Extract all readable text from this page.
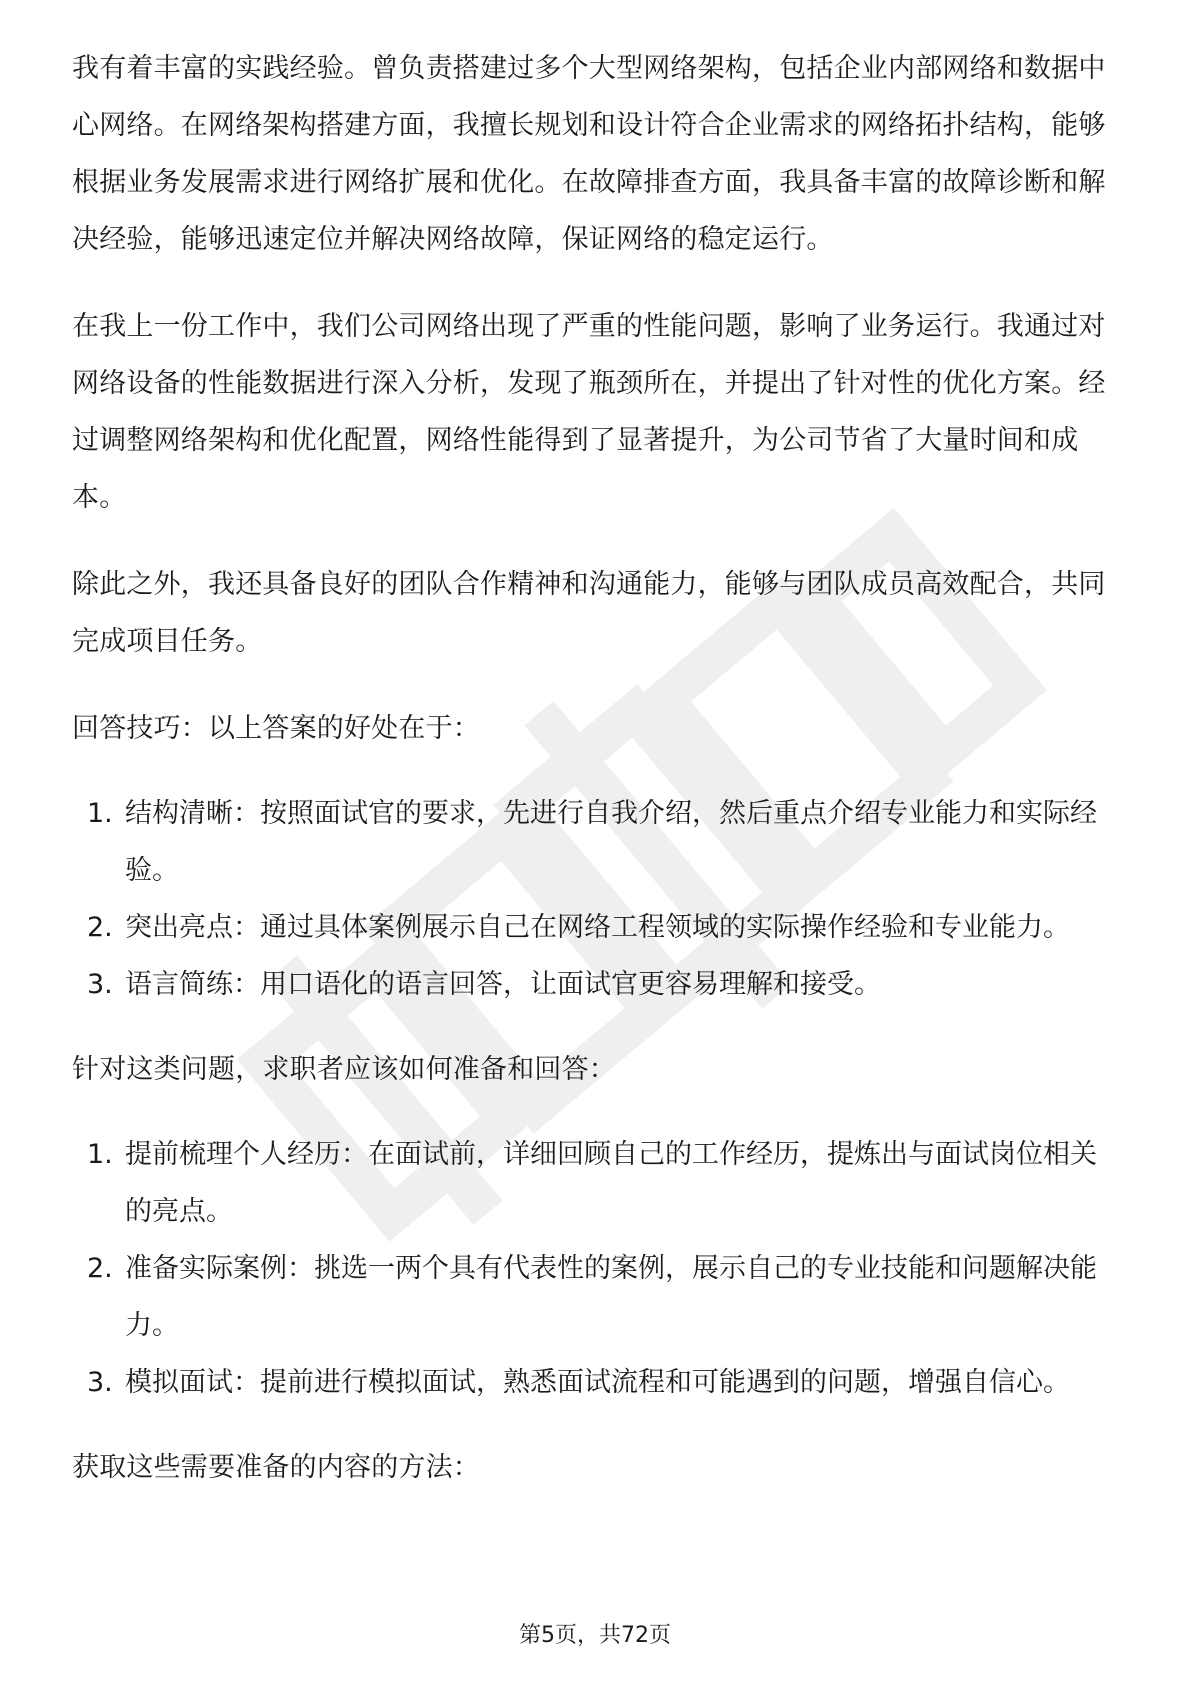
我有着丰富的实践经验。曾负责搭建过多个大型网络架构，包括企业内部网络和数据中心网络。在网络架构搭建方面，我擅长规划和设计符合企业需求的网络拓扑结构，能够根据业务发展需求进行网络扩展和优化。在故障排查方面，我具备丰富的故障诊断和解决经验，能够迅速定位并解决网络故障，保证网络的稳定运行。

在我上一份工作中，我们公司网络出现了严重的性能问题，影响了业务运行。我通过对网络设备的性能数据进行深入分析，发现了瓶颈所在，并提出了针对性的优化方案。经过调整网络架构和优化配置，网络性能得到了显著提升，为公司节省了大量时间和成本。

除此之外，我还具备良好的团队合作精神和沟通能力，能够与团队成员高效配合，共同完成项目任务。

回答技巧：以上答案的好处在于：

1. 结构清晰：按照面试官的要求，先进行自我介绍，然后重点介绍专业能力和实际经验。
2. 突出亮点：通过具体案例展示自己在网络工程领域的实际操作经验和专业能力。
3. 语言简练：用口语化的语言回答，让面试官更容易理解和接受。

针对这类问题，求职者应该如何准备和回答：

1. 提前梳理个人经历：在面试前，详细回顾自己的工作经历，提炼出与面试岗位相关的亮点。
2. 准备实际案例：挑选一两个具有代表性的案例，展示自己的专业技能和问题解决能力。
3. 模拟面试：提前进行模拟面试，熟悉面试流程和可能遇到的问题，增强自信心。

获取这些需要准备的内容的方法：

第5页，共72页
